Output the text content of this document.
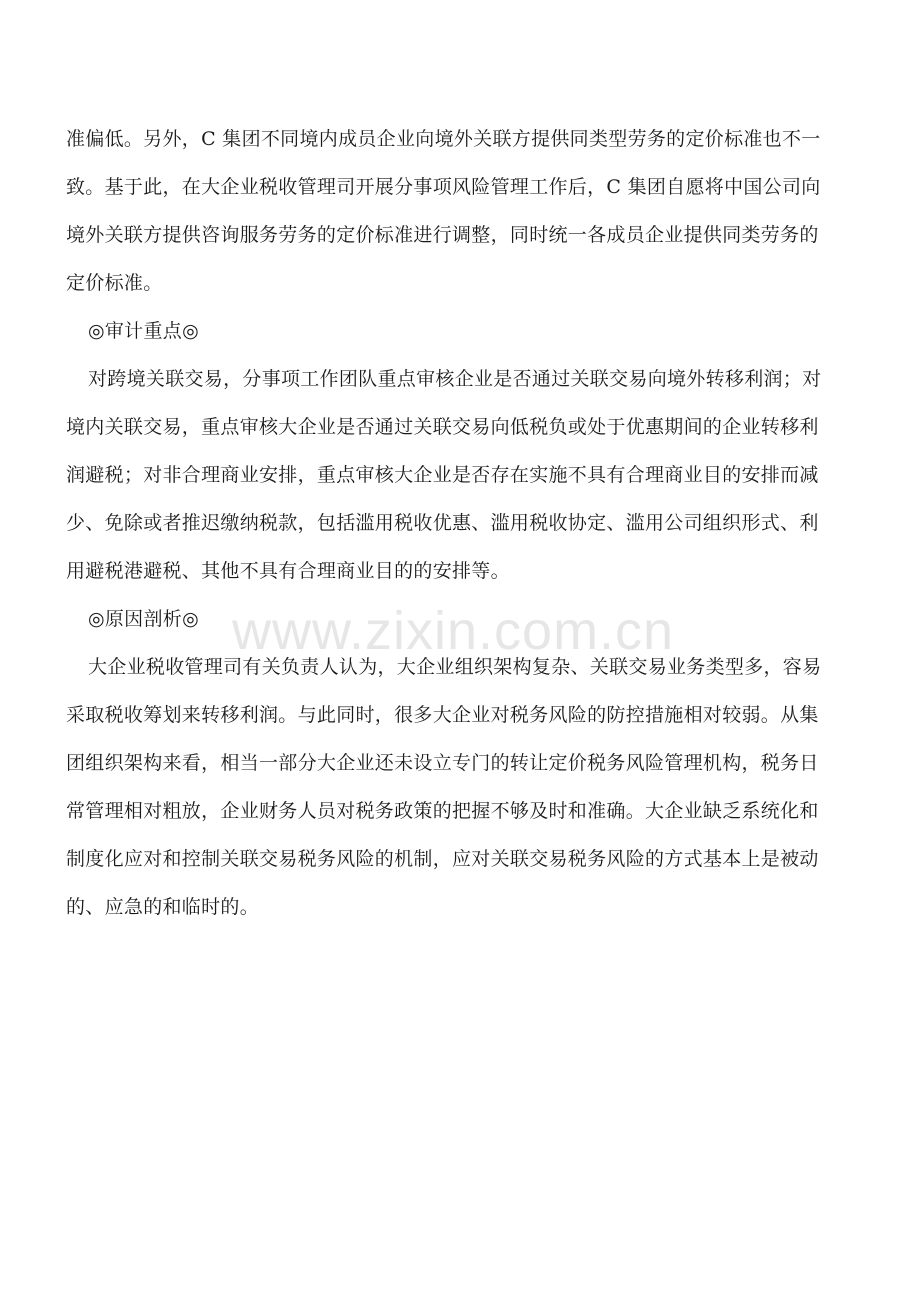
准偏低。另外，C 集团不同境内成员企业向境外关联方提供同类型劳务的定价标准也不一
致。基于此，在大企业税收管理司开展分事项风险管理工作后，C 集团自愿将中国公司向
境外关联方提供咨询服务劳务的定价标准进行调整，同时统一各成员企业提供同类劳务的
定价标准。
◎审计重点◎
对跨境关联交易，分事项工作团队重点审核企业是否通过关联交易向境外转移利润；对
境内关联交易，重点审核大企业是否通过关联交易向低税负或处于优惠期间的企业转移利
润避税；对非合理商业安排，重点审核大企业是否存在实施不具有合理商业目的安排而减
少、免除或者推迟缴纳税款，包括滥用税收优惠、滥用税收协定、滥用公司组织形式、利
用避税港避税、其他不具有合理商业目的的安排等。
◎原因剖析◎
大企业税收管理司有关负责人认为，大企业组织架构复杂、关联交易业务类型多，容易
采取税收筹划来转移利润。与此同时，很多大企业对税务风险的防控措施相对较弱。从集
团组织架构来看，相当一部分大企业还未设立专门的转让定价税务风险管理机构，税务日
常管理相对粗放，企业财务人员对税务政策的把握不够及时和准确。大企业缺乏系统化和
制度化应对和控制关联交易税务风险的机制，应对关联交易税务风险的方式基本上是被动
的、应急的和临时的。
www.zixin.com.cn
